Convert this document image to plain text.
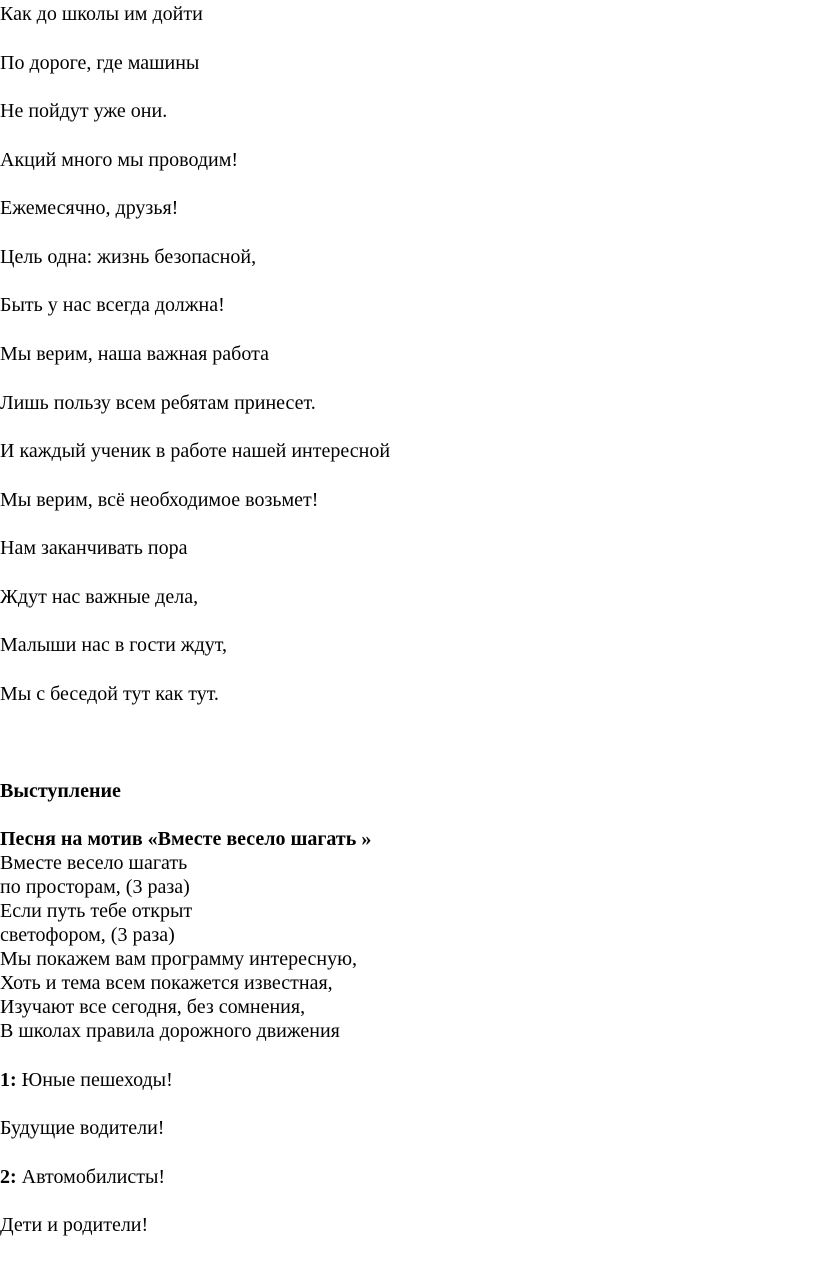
Как до школы им дойти
По дороге, где машины
Не пойдут уже они.
Акций много мы проводим!
Ежемесячно, друзья!
Цель одна: жизнь безопасной,
Быть у нас всегда должна!
Мы верим, наша важная работа
Лишь пользу всем ребятам принесет.
И каждый ученик в работе нашей интересной
Мы верим, всё необходимое возьмет!
Нам заканчивать пора
Ждут нас важные дела,
Малыши нас в гости ждут,
Мы с беседой тут как тут.
Выступление
Песня на мотив «Вместе весело шагать »
Вместе весело шагать
по просторам, (3 раза)
Если путь тебе открыт
светофором, (3 раза)
Мы покажем вам программу интересную,
Хоть и тема всем покажется известная,
Изучают все сегодня, без сомнения,
В школах правила дорожного движения
1: Юные пешеходы!
Будущие водители!
2: Автомобилисты!
Дети и родители!
